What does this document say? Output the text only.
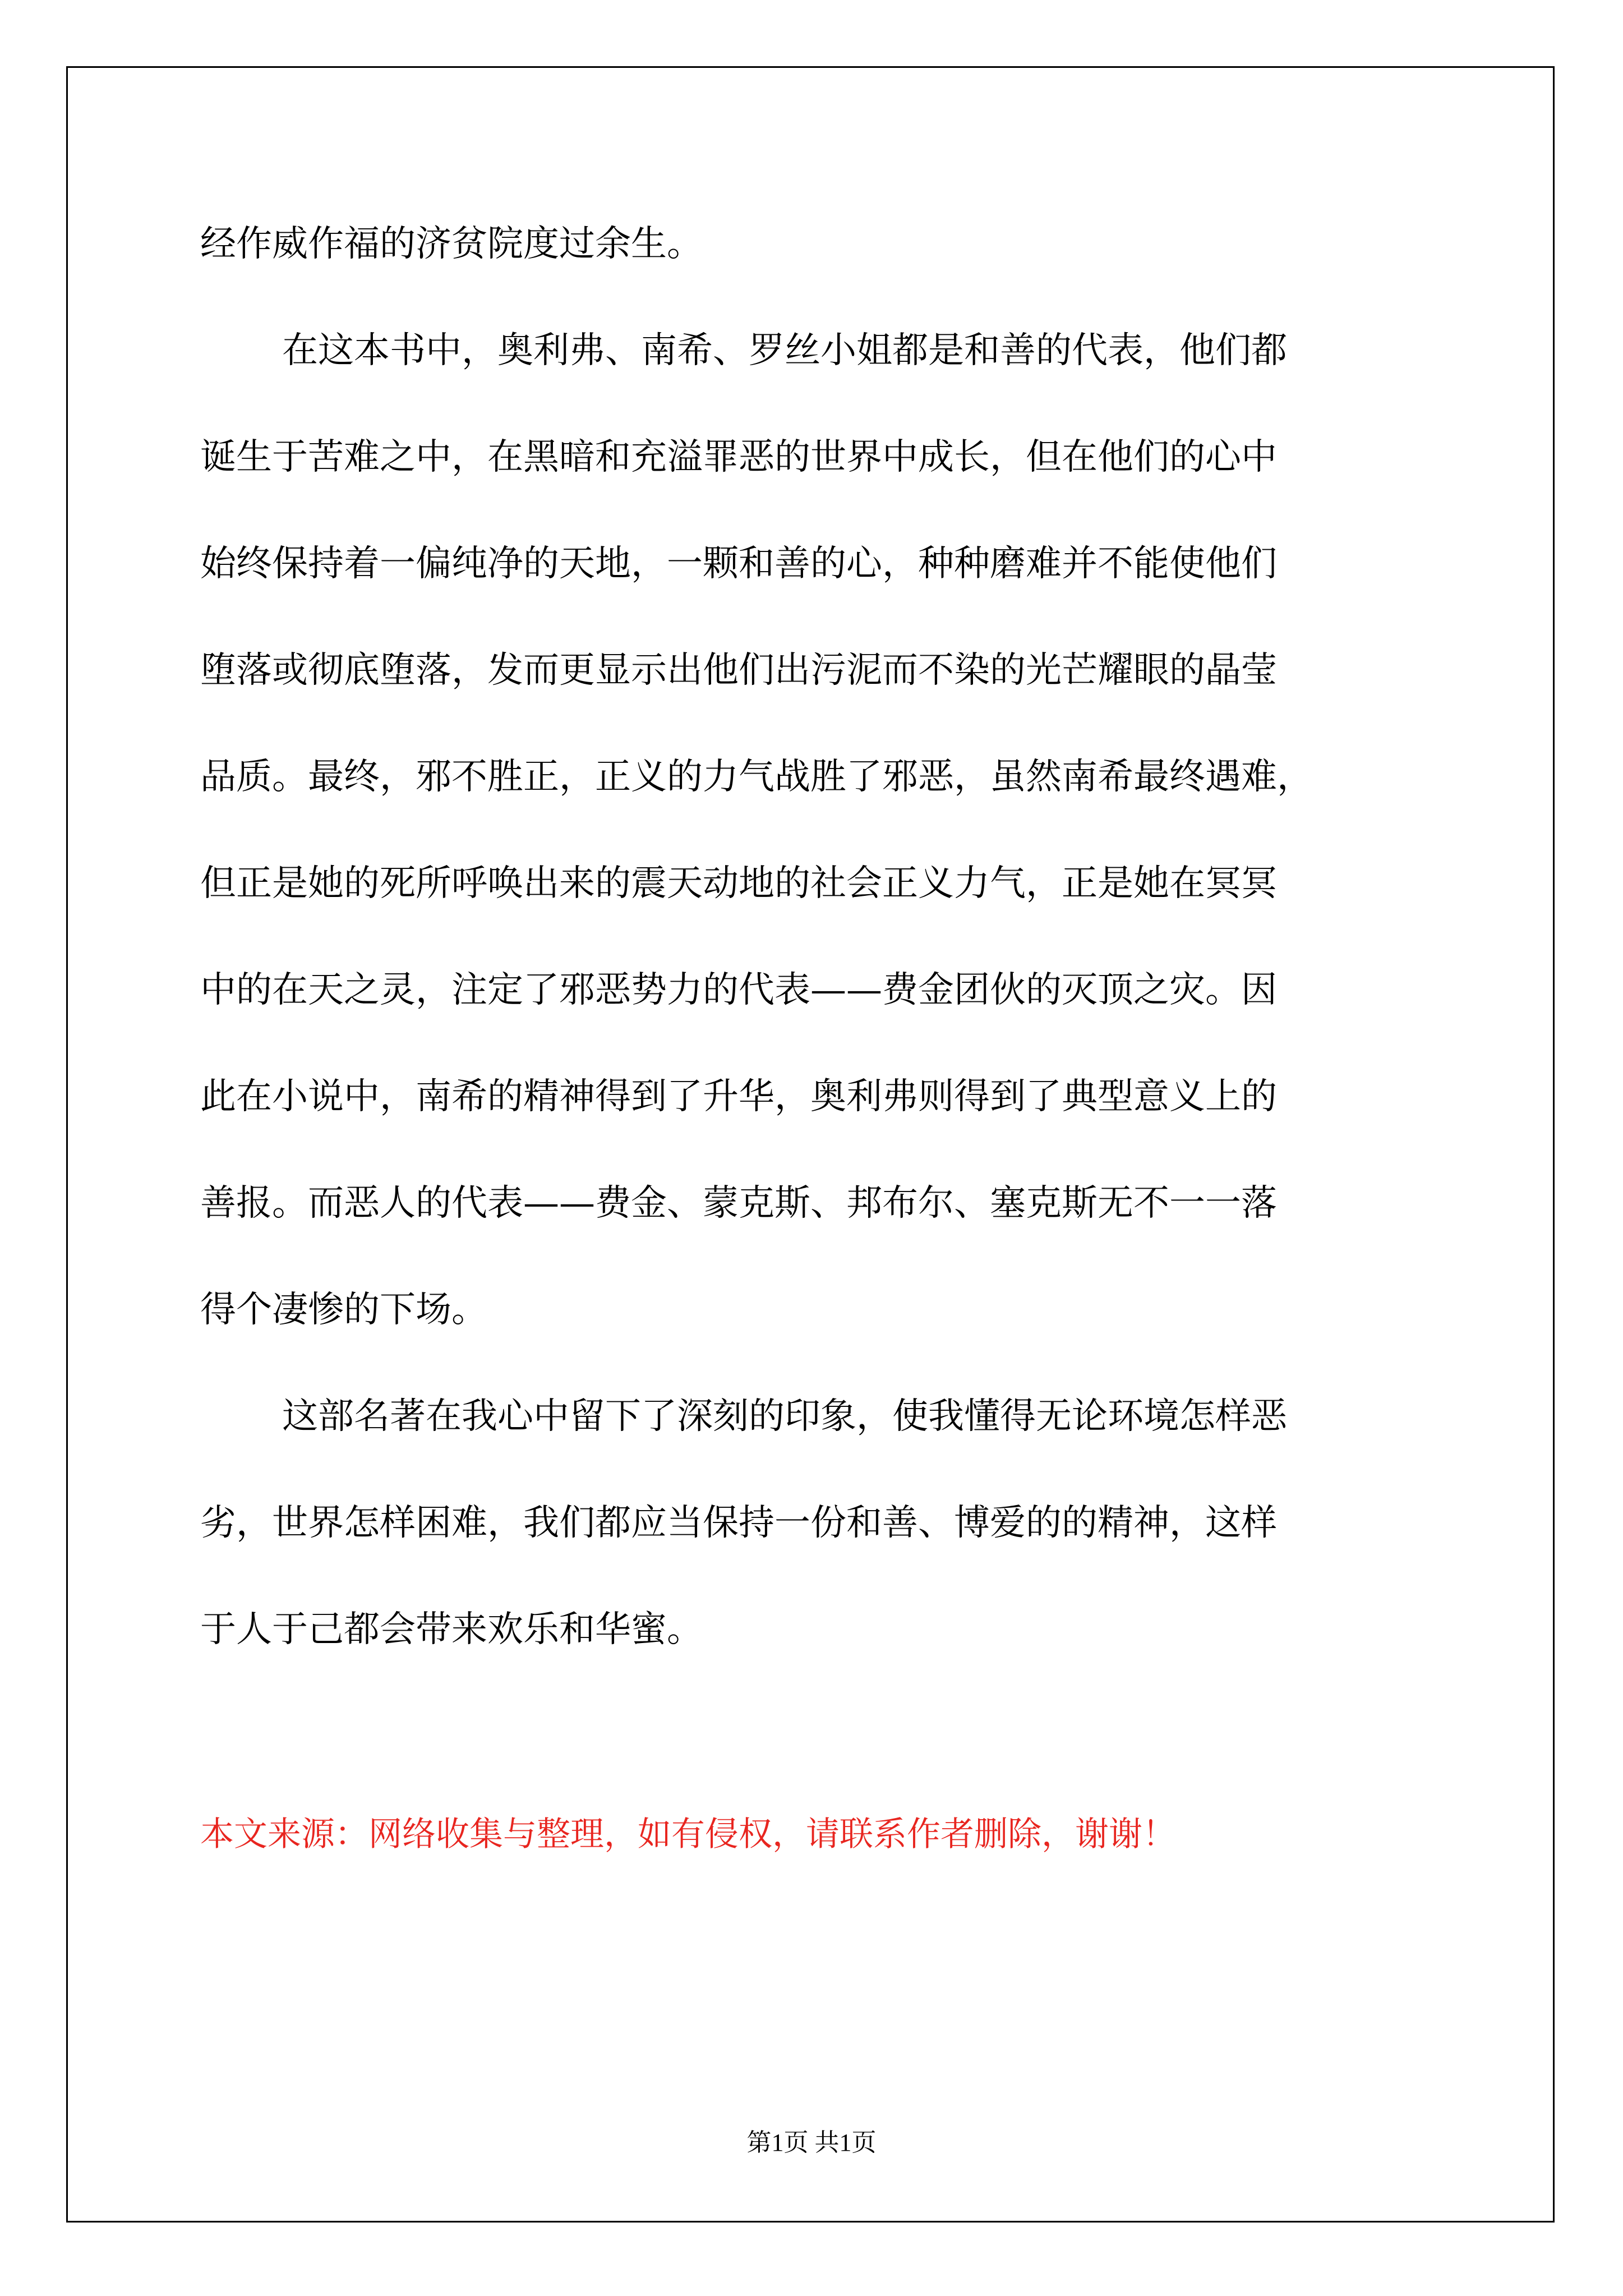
经作威作福的济贫院度过余生。
在这本书中，奥利弗、南希、罗丝小姐都是和善的代表，他们都
诞生于苦难之中，在黑暗和充溢罪恶的世界中成长，但在他们的心中
始终保持着一偏纯净的天地，一颗和善的心，种种磨难并不能使他们
堕落或彻底堕落，发而更显示出他们出污泥而不染的光芒耀眼的晶莹
品质。最终，邪不胜正，正义的力气战胜了邪恶，虽然南希最终遇难，
但正是她的死所呼唤出来的震天动地的社会正义力气，正是她在冥冥
中的在天之灵，注定了邪恶势力的代表——费金团伙的灭顶之灾。因
此在小说中，南希的精神得到了升华，奥利弗则得到了典型意义上的
善报。而恶人的代表——费金、蒙克斯、邦布尔、塞克斯无不一一落
得个凄惨的下场。
这部名著在我心中留下了深刻的印象，使我懂得无论环境怎样恶
劣，世界怎样困难，我们都应当保持一份和善、博爱的的精神，这样
于人于己都会带来欢乐和华蜜。
本文来源：网络收集与整理，如有侵权，请联系作者删除，谢谢！
第1页 共1页
